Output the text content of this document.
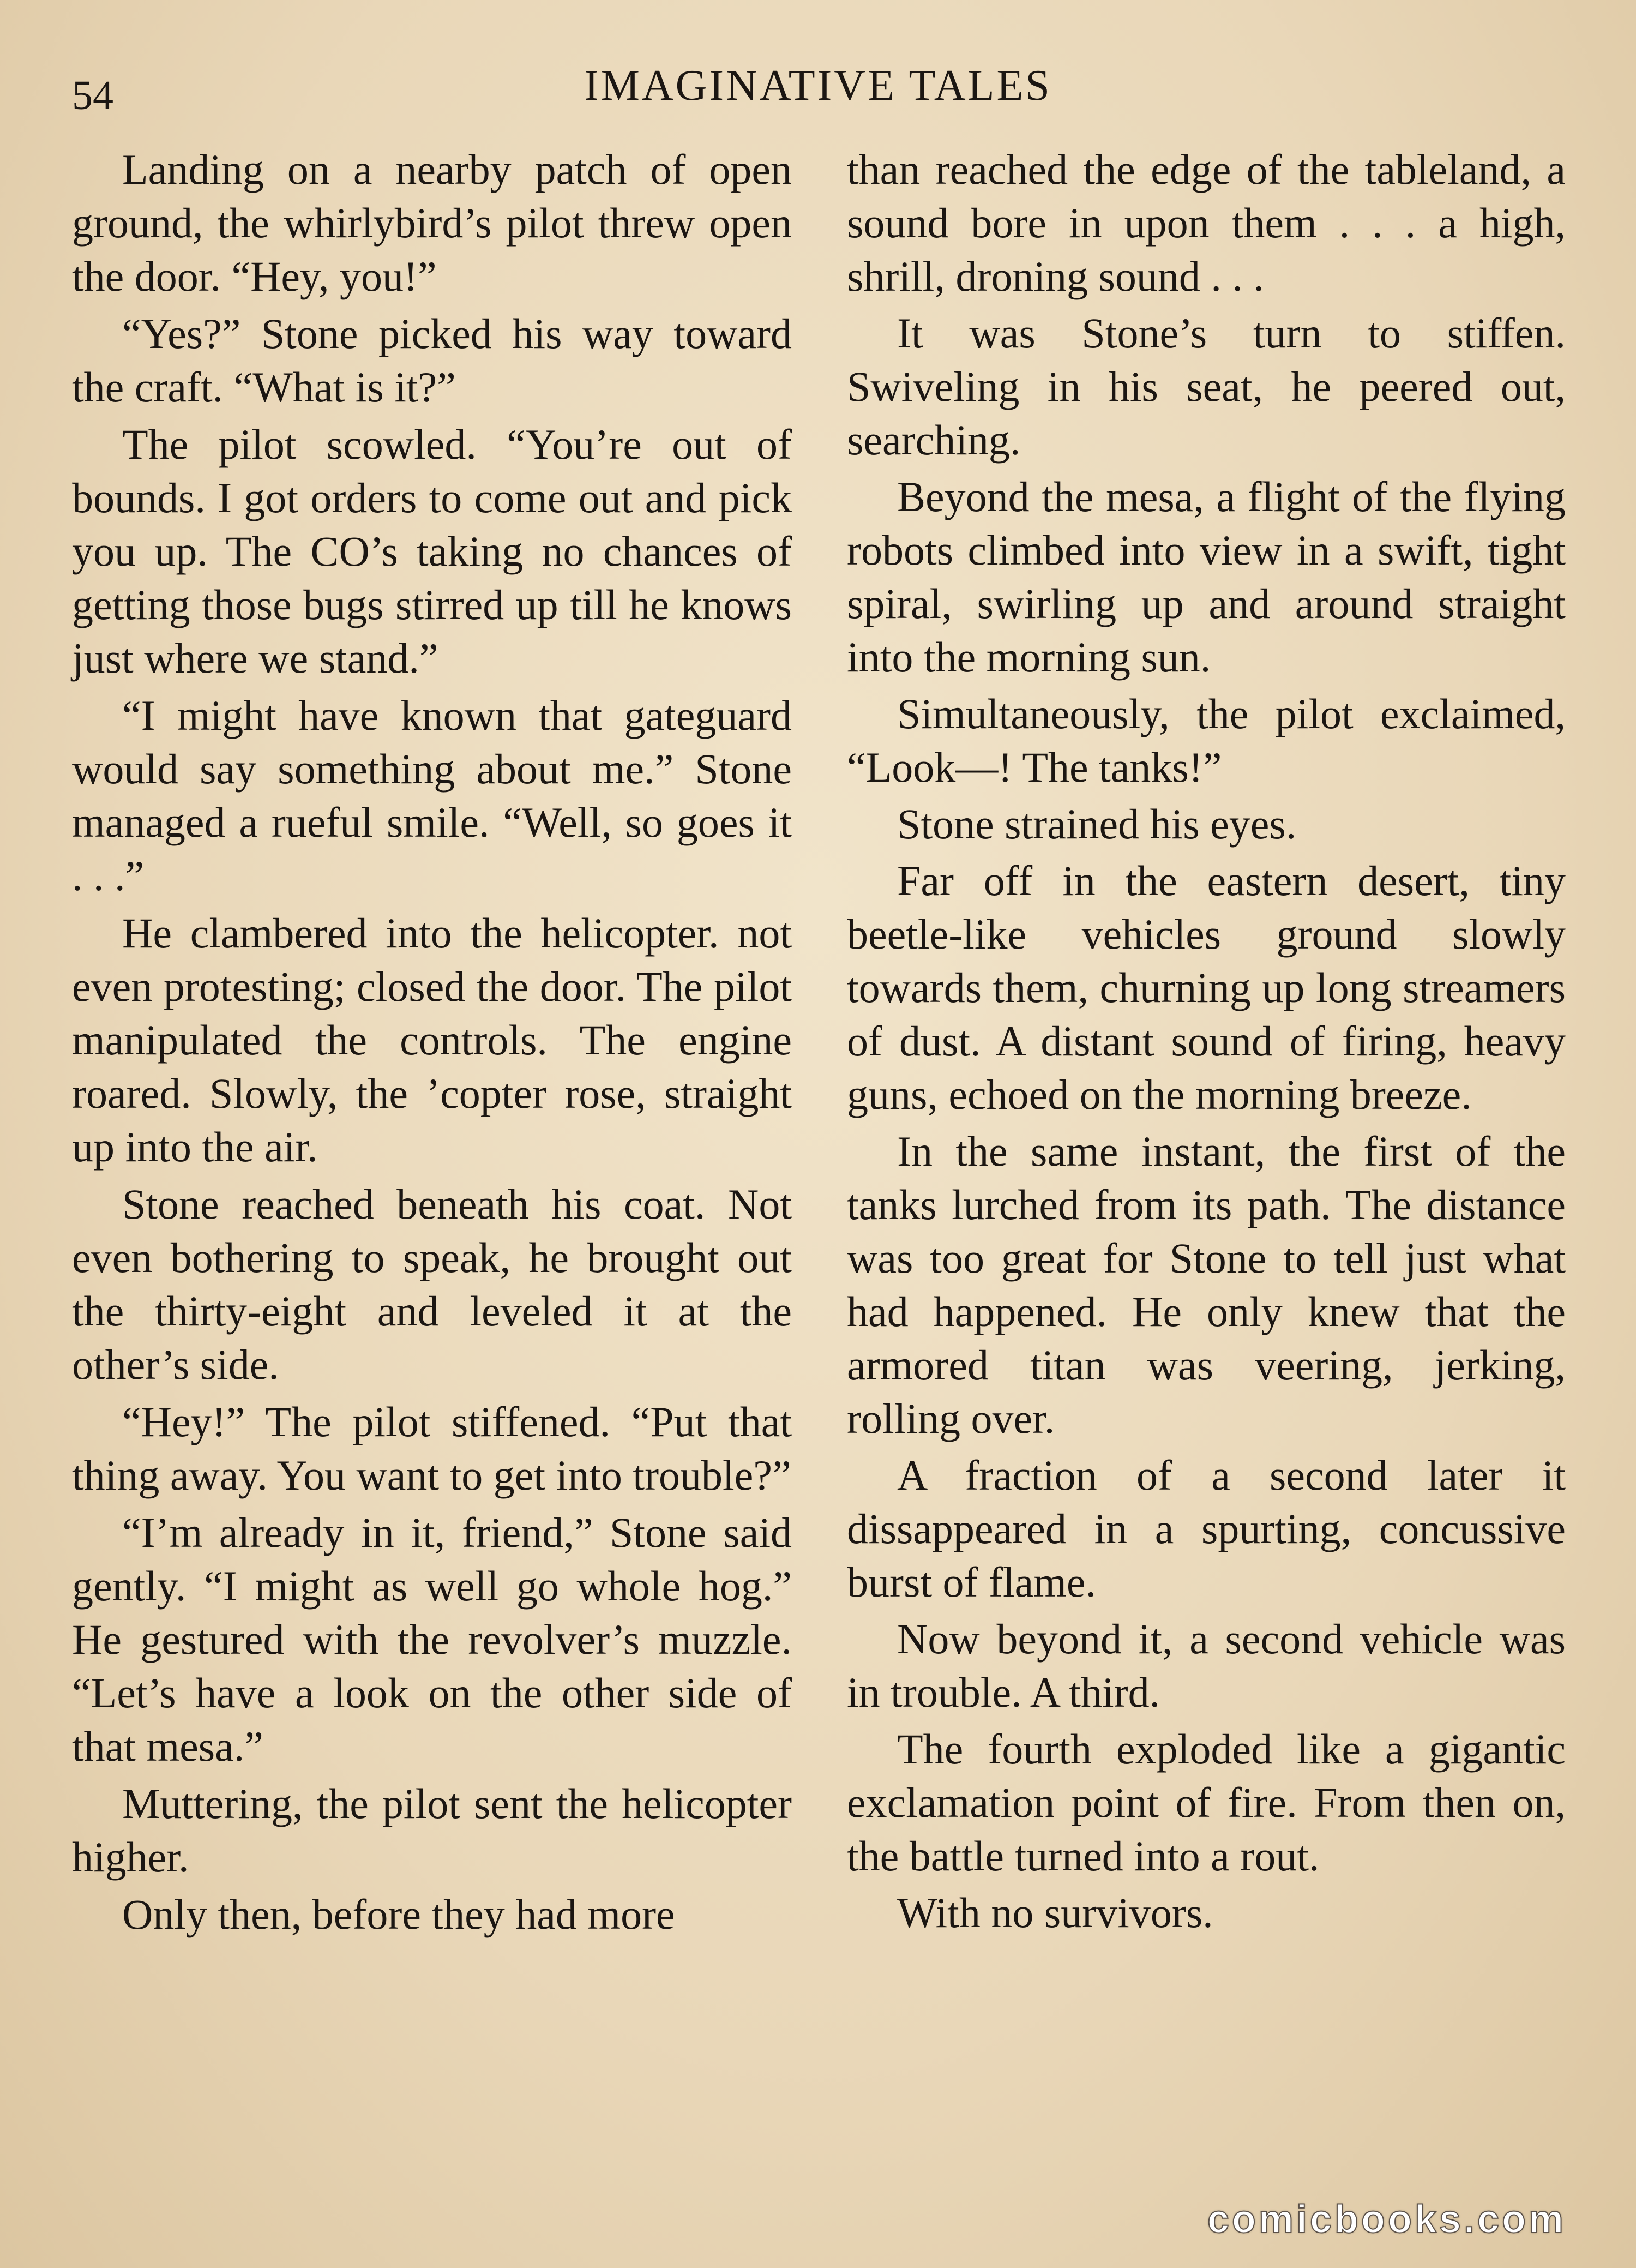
IMAGINATIVE TALES
54

Landing on a nearby patch of open ground, the whirlybird’s pilot threw open the door. “Hey, you!”

“Yes?” Stone picked his way toward the craft. “What is it?”

The pilot scowled. “You’re out of bounds. I got orders to come out and pick you up. The CO’s taking no chances of getting those bugs stirred up till he knows just where we stand.”

“I might have known that gateguard would say something about me.” Stone managed a rueful smile. “Well, so goes it . . .”

He clambered into the helicopter. not even protesting; closed the door. The pilot manipulated the controls. The engine roared. Slowly, the ’copter rose, straight up into the air.

Stone reached beneath his coat. Not even bothering to speak, he brought out the thirty-eight and leveled it at the other’s side.

“Hey!” The pilot stiffened. “Put that thing away. You want to get into trouble?”

“I’m already in it, friend,” Stone said gently. “I might as well go whole hog.” He gestured with the revolver’s muzzle. “Let’s have a look on the other side of that mesa.”

Muttering, the pilot sent the helicopter higher.

Only then, before they had more

than reached the edge of the tableland, a sound bore in upon them . . . a high, shrill, droning sound . . .

It was Stone’s turn to stiffen. Swiveling in his seat, he peered out, searching.

Beyond the mesa, a flight of the flying robots climbed into view in a swift, tight spiral, swirling up and around straight into the morning sun.

Simultaneously, the pilot exclaimed, “Look—! The tanks!”

Stone strained his eyes.

Far off in the eastern desert, tiny beetle-like vehicles ground slowly towards them, churning up long streamers of dust. A distant sound of firing, heavy guns, echoed on the morning breeze.

In the same instant, the first of the tanks lurched from its path. The distance was too great for Stone to tell just what had happened. He only knew that the armored titan was veering, jerking, rolling over.

A fraction of a second later it dissappeared in a spurting, concussive burst of flame.

Now beyond it, a second vehicle was in trouble. A third.

The fourth exploded like a gigantic exclamation point of fire. From then on, the battle turned into a rout.

With no survivors.

comicbooks.com
